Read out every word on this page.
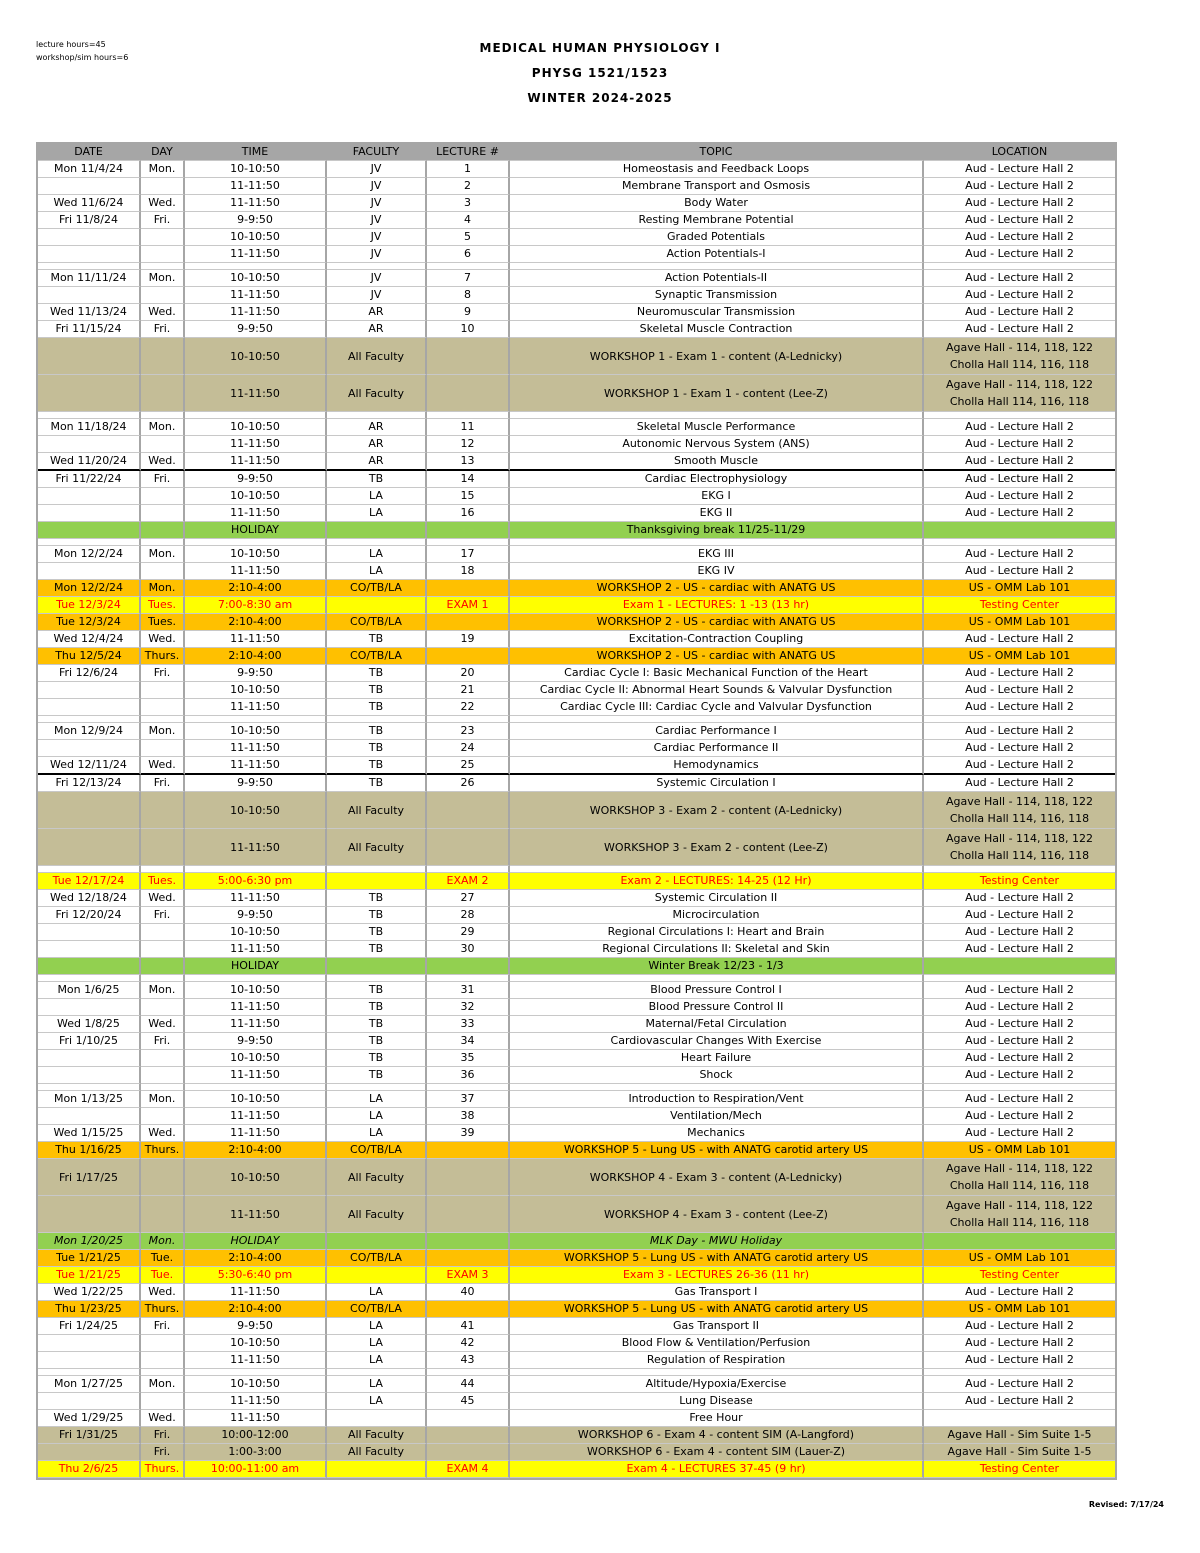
lecture hours=45
workshop/sim hours=6
MEDICAL HUMAN PHYSIOLOGY I
PHYSG 1521/1523
WINTER 2024-2025
DATE	DAY	TIME	FACULTY	LECTURE #	TOPIC	LOCATION
Mon 11/4/24	Mon.	10-10:50	JV	1	Homeostasis and Feedback Loops	Aud - Lecture Hall 2
		11-11:50	JV	2	Membrane Transport and Osmosis	Aud - Lecture Hall 2
Wed 11/6/24	Wed.	11-11:50	JV	3	Body Water	Aud - Lecture Hall 2
Fri 11/8/24	Fri.	9-9:50	JV	4	Resting Membrane Potential	Aud - Lecture Hall 2
		10-10:50	JV	5	Graded Potentials	Aud - Lecture Hall 2
		11-11:50	JV	6	Action Potentials-I	Aud - Lecture Hall 2

Mon 11/11/24	Mon.	10-10:50	JV	7	Action Potentials-II	Aud - Lecture Hall 2
		11-11:50	JV	8	Synaptic Transmission	Aud - Lecture Hall 2
Wed 11/13/24	Wed.	11-11:50	AR	9	Neuromuscular Transmission	Aud - Lecture Hall 2
Fri 11/15/24	Fri.	9-9:50	AR	10	Skeletal Muscle Contraction	Aud - Lecture Hall 2
		10-10:50	All Faculty		WORKSHOP 1 - Exam 1 - content (A-Lednicky)	Agave Hall - 114, 118, 122
Cholla Hall 114, 116, 118

		11-11:50	All Faculty		WORKSHOP 1 - Exam 1 - content (Lee-Z)	Agave Hall - 114, 118, 122
Cholla Hall 114, 116, 118

Mon 11/18/24	Mon.	10-10:50	AR	11	Skeletal Muscle Performance	Aud - Lecture Hall 2
		11-11:50	AR	12	Autonomic Nervous System (ANS)	Aud - Lecture Hall 2
Wed 11/20/24	Wed.	11-11:50	AR	13	Smooth Muscle	Aud - Lecture Hall 2
Fri 11/22/24	Fri.	9-9:50	TB	14	Cardiac Electrophysiology	Aud - Lecture Hall 2
		10-10:50	LA	15	EKG I	Aud - Lecture Hall 2
		11-11:50	LA	16	EKG II	Aud - Lecture Hall 2
		HOLIDAY			Thanksgiving break 11/25-11/29	

Mon 12/2/24	Mon.	10-10:50	LA	17	EKG III	Aud - Lecture Hall 2
		11-11:50	LA	18	EKG IV	Aud - Lecture Hall 2
Mon 12/2/24	Mon.	2:10-4:00	CO/TB/LA		WORKSHOP 2 - US - cardiac with ANATG US	US - OMM Lab 101
Tue 12/3/24	Tues.	7:00-8:30 am		EXAM 1	Exam 1 - LECTURES: 1 -13 (13 hr)	Testing Center
Tue 12/3/24	Tues.	2:10-4:00	CO/TB/LA		WORKSHOP 2 - US - cardiac with ANATG US	US - OMM Lab 101
Wed 12/4/24	Wed.	11-11:50	TB	19	Excitation-Contraction Coupling	Aud - Lecture Hall 2
Thu 12/5/24	Thurs.	2:10-4:00	CO/TB/LA		WORKSHOP 2 - US - cardiac with ANATG US	US - OMM Lab 101
Fri 12/6/24	Fri.	9-9:50	TB	20	Cardiac Cycle I: Basic Mechanical Function of the Heart	Aud - Lecture Hall 2
		10-10:50	TB	21	Cardiac Cycle II: Abnormal Heart Sounds & Valvular Dysfunction	Aud - Lecture Hall 2
		11-11:50	TB	22	Cardiac Cycle III: Cardiac Cycle and Valvular Dysfunction	Aud - Lecture Hall 2

Mon 12/9/24	Mon.	10-10:50	TB	23	Cardiac Performance I	Aud - Lecture Hall 2
		11-11:50	TB	24	Cardiac Performance II	Aud - Lecture Hall 2
Wed 12/11/24	Wed.	11-11:50	TB	25	Hemodynamics	Aud - Lecture Hall 2
Fri 12/13/24	Fri.	9-9:50	TB	26	Systemic Circulation I	Aud - Lecture Hall 2
		10-10:50	All Faculty		WORKSHOP 3 - Exam 2 - content (A-Lednicky)	Agave Hall - 114, 118, 122
Cholla Hall 114, 116, 118

		11-11:50	All Faculty		WORKSHOP 3 - Exam 2 - content (Lee-Z)	Agave Hall - 114, 118, 122
Cholla Hall 114, 116, 118

Tue 12/17/24	Tues.	5:00-6:30 pm		EXAM 2	Exam 2 - LECTURES: 14-25 (12 Hr)	Testing Center
Wed 12/18/24	Wed.	11-11:50	TB	27	Systemic Circulation II	Aud - Lecture Hall 2
Fri 12/20/24	Fri.	9-9:50	TB	28	Microcirculation	Aud - Lecture Hall 2
		10-10:50	TB	29	Regional Circulations I: Heart and Brain	Aud - Lecture Hall 2
		11-11:50	TB	30	Regional Circulations II: Skeletal and Skin	Aud - Lecture Hall 2
		HOLIDAY			Winter Break 12/23 - 1/3	

Mon 1/6/25	Mon.	10-10:50	TB	31	Blood Pressure Control I	Aud - Lecture Hall 2
		11-11:50	TB	32	Blood Pressure Control II	Aud - Lecture Hall 2
Wed 1/8/25	Wed.	11-11:50	TB	33	Maternal/Fetal Circulation	Aud - Lecture Hall 2
Fri 1/10/25	Fri.	9-9:50	TB	34	Cardiovascular Changes With Exercise	Aud - Lecture Hall 2
		10-10:50	TB	35	Heart Failure	Aud - Lecture Hall 2
		11-11:50	TB	36	Shock	Aud - Lecture Hall 2

Mon 1/13/25	Mon.	10-10:50	LA	37	Introduction to Respiration/Vent	Aud - Lecture Hall 2
		11-11:50	LA	38	Ventilation/Mech	Aud - Lecture Hall 2
Wed 1/15/25	Wed.	11-11:50	LA	39	Mechanics	Aud - Lecture Hall 2
Thu 1/16/25	Thurs.	2:10-4:00	CO/TB/LA		WORKSHOP 5 - Lung US - with ANATG carotid artery US	US - OMM Lab 101
Fri 1/17/25		10-10:50	All Faculty		WORKSHOP 4 - Exam 3 - content (A-Lednicky)	Agave Hall - 114, 118, 122
Cholla Hall 114, 116, 118

		11-11:50	All Faculty		WORKSHOP 4 - Exam 3 - content (Lee-Z)	Agave Hall - 114, 118, 122
Cholla Hall 114, 116, 118

Mon 1/20/25	Mon.	HOLIDAY			MLK Day - MWU Holiday	
Tue 1/21/25	Tue.	2:10-4:00	CO/TB/LA		WORKSHOP 5 - Lung US - with ANATG carotid artery US	US - OMM Lab 101
Tue 1/21/25	Tue.	5:30-6:40 pm		EXAM 3	Exam 3 - LECTURES 26-36 (11 hr)	Testing Center
Wed 1/22/25	Wed.	11-11:50	LA	40	Gas Transport I	Aud - Lecture Hall 2
Thu 1/23/25	Thurs.	2:10-4:00	CO/TB/LA		WORKSHOP 5 - Lung US - with ANATG carotid artery US	US - OMM Lab 101
Fri 1/24/25	Fri.	9-9:50	LA	41	Gas Transport II	Aud - Lecture Hall 2
		10-10:50	LA	42	Blood Flow & Ventilation/Perfusion	Aud - Lecture Hall 2
		11-11:50	LA	43	Regulation of Respiration	Aud - Lecture Hall 2

Mon 1/27/25	Mon.	10-10:50	LA	44	Altitude/Hypoxia/Exercise	Aud - Lecture Hall 2
		11-11:50	LA	45	Lung Disease	Aud - Lecture Hall 2
Wed 1/29/25	Wed.	11-11:50			Free Hour	
Fri 1/31/25	Fri.	10:00-12:00	All Faculty		WORKSHOP 6 - Exam 4 - content SIM (A-Langford)	Agave Hall - Sim Suite 1-5
	Fri.	1:00-3:00	All Faculty		WORKSHOP 6 - Exam 4 - content SIM (Lauer-Z)	Agave Hall - Sim Suite 1-5
Thu 2/6/25	Thurs.	10:00-11:00 am		EXAM 4	Exam 4 - LECTURES 37-45 (9 hr)	Testing Center
Revised: 7/17/24
